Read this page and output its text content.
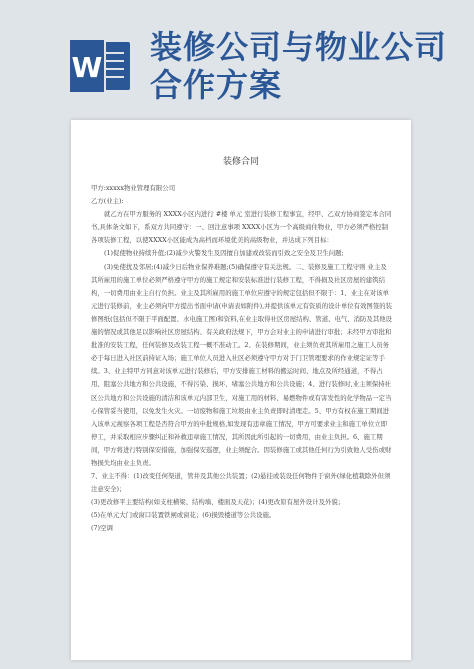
W
装修公司与物业公司合作方案
装修合同

甲方:xxxxx物业管理有限公司

乙方(业主):

就乙方在甲方服务的 XXXX小区内进行 #楼 单元 室进行装修工程事宜，经甲、乙双方协商签定本合同书,具体条文如下，系双方共同遵守：一、回注意事项 XXXX小区为一个高级商住物业，甲方必须严格控制各项装修工程，以使XXXX小区能成为高档而环境优美的高级物业，并达成下列目标：

(1)促使物业持续升值;(2)减少火警发生及因擅自加建或改装而引致之安全及卫生问题;

(3)免使扰及邻居;(4)减少日后物业保养难题;(5)确保遵守有关法规。二、装修及施工工程守则 业主及其所雇用的施工单位必须严格遵守甲方的施工规定和安装标准进行装修工程，不得损及社区房屋的建筑结构，一切费用由业主自行负担。业主及其所雇用的施工单位应遵守的规定包括但不限于：1、业主在对该单元进行装修前，业主必须向甲方提出书面申请(申请表如附件),并提供该单元有资质的设计单位有效图签的装修图纸(包括但不限于平面配置、水电施工图)和资料,在业主取得社区房屋结构、管道、电气、消防及其他设施的情况或其他足以影响社区房屋结构、有关政府法规下，甲方会对业主的申请进行审批；未经甲方审批和批准的安装工程，任何装修及改装工程一概不准动工。2、在装修期间，业主须负责其所雇用之施工人员务必于每日进入社区前持证入场；施工单位人员进入社区必须遵守甲方对于门卫管理要求的作业规定证等手续。3、业主特甲方同意对该单元进行装修后，甲方安排施工材料的搬运时间、地点及所经通道，不得占用、阻塞公共地方和公共设施，不得污染、损坏、堵塞公共地方和公共设施；4、进行装修时,业主须保持社区公共地方和公共设施的清洁和该单元内部卫生，对施工用的材料、易燃物件或有害发性的化学物品一定当心保管妥当使用，以免发生火灾。一切废物和施工垃圾由业主负责即时清理走。5、甲方有权在施工期间进入该单元视察各项工程是否符合甲方的申批规格,如发现有违章施工情况，甲方可要求业主和施工单位立即停工，并采取相应步骤纠正和补救违章施工情况，其所因此所引起的一切费用，由业主负担。6、施工期间，甲方将进行特别保安措施，加强保安巡逻，业主须配合。因装修施工或其他任何行为引致他人受伤或财物损失均由业主负责。

7、业主不得：(1)改变任何渠道，管井及其他公共装置；(2)悬挂或装设任何物件于窗外(绿化植栽除外但须注意安全)；

(3)更改修平主要结构(如支柱横梁、结构墙、楼面及天花)；(4)更改原有屋外设计及外貌；

(5)在单元大门或窗口装置铁闸或窗花；(6)损毁楼道等公共设施。

(7)空调
